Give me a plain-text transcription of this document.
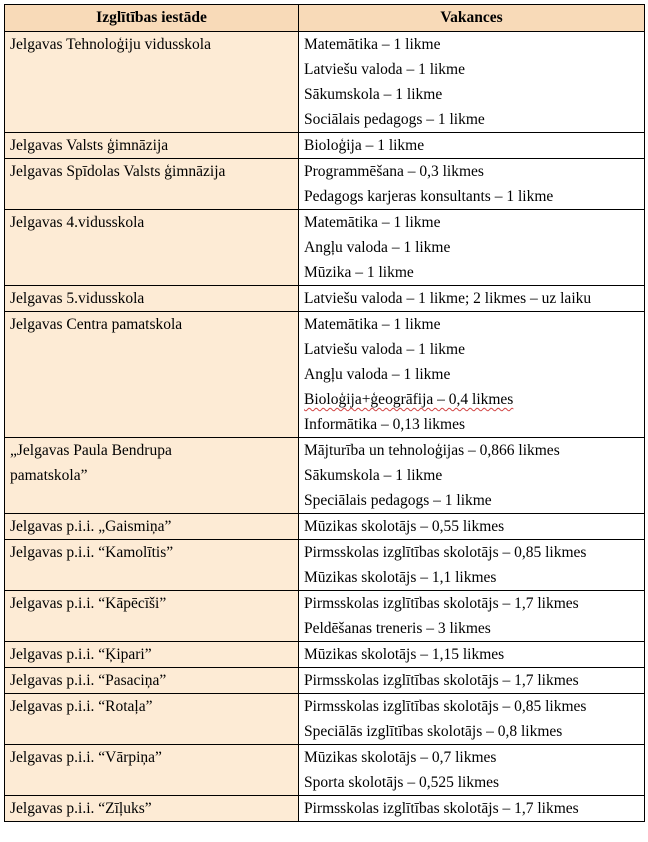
Izglītības iestāde	Vakances

Jelgavas Tehnoloģiju vidusskola	Matemātika – 1 likme
Latviešu valoda – 1 likme
Sākumskola – 1 likme
Sociālais pedagogs – 1 likme

Jelgavas Valsts ģimnāzija	Bioloģija – 1 likme

Jelgavas Spīdolas Valsts ģimnāzija	Programmēšana – 0,3 likmes
Pedagogs karjeras konsultants – 1 likme

Jelgavas 4.vidusskola	Matemātika – 1 likme
Angļu valoda – 1 likme
Mūzika – 1 likme

Jelgavas 5.vidusskola	Latviešu valoda – 1 likme; 2 likmes – uz laiku

Jelgavas Centra pamatskola	Matemātika – 1 likme
Latviešu valoda – 1 likme
Angļu valoda – 1 likme
Bioloģija+ģeogrāfija – 0,4 likmes
Informātika – 0,13 likmes

„Jelgavas Paula Bendrupa
pamatskola”	Mājturība un tehnoloģijas – 0,866 likmes
Sākumskola – 1 likme
Speciālais pedagogs – 1 likme

Jelgavas p.i.i. „Gaismiņa”	Mūzikas skolotājs – 0,55 likmes

Jelgavas p.i.i. “Kamolītis”	Pirmsskolas izglītības skolotājs – 0,85 likmes
Mūzikas skolotājs – 1,1 likmes

Jelgavas p.i.i. “Kāpēcīši”	Pirmsskolas izglītības skolotājs – 1,7 likmes
Peldēšanas treneris – 3 likmes

Jelgavas p.i.i. “Ķipari”	Mūzikas skolotājs – 1,15 likmes

Jelgavas p.i.i. “Pasaciņa”	Pirmsskolas izglītības skolotājs – 1,7 likmes

Jelgavas p.i.i. “Rotaļa”	Pirmsskolas izglītības skolotājs – 0,85 likmes
Speciālās izglītības skolotājs – 0,8 likmes

Jelgavas p.i.i. “Vārpiņa”	Mūzikas skolotājs – 0,7 likmes
Sporta skolotājs – 0,525 likmes

Jelgavas p.i.i. “Zīļuks”	Pirmsskolas izglītības skolotājs – 1,7 likmes
